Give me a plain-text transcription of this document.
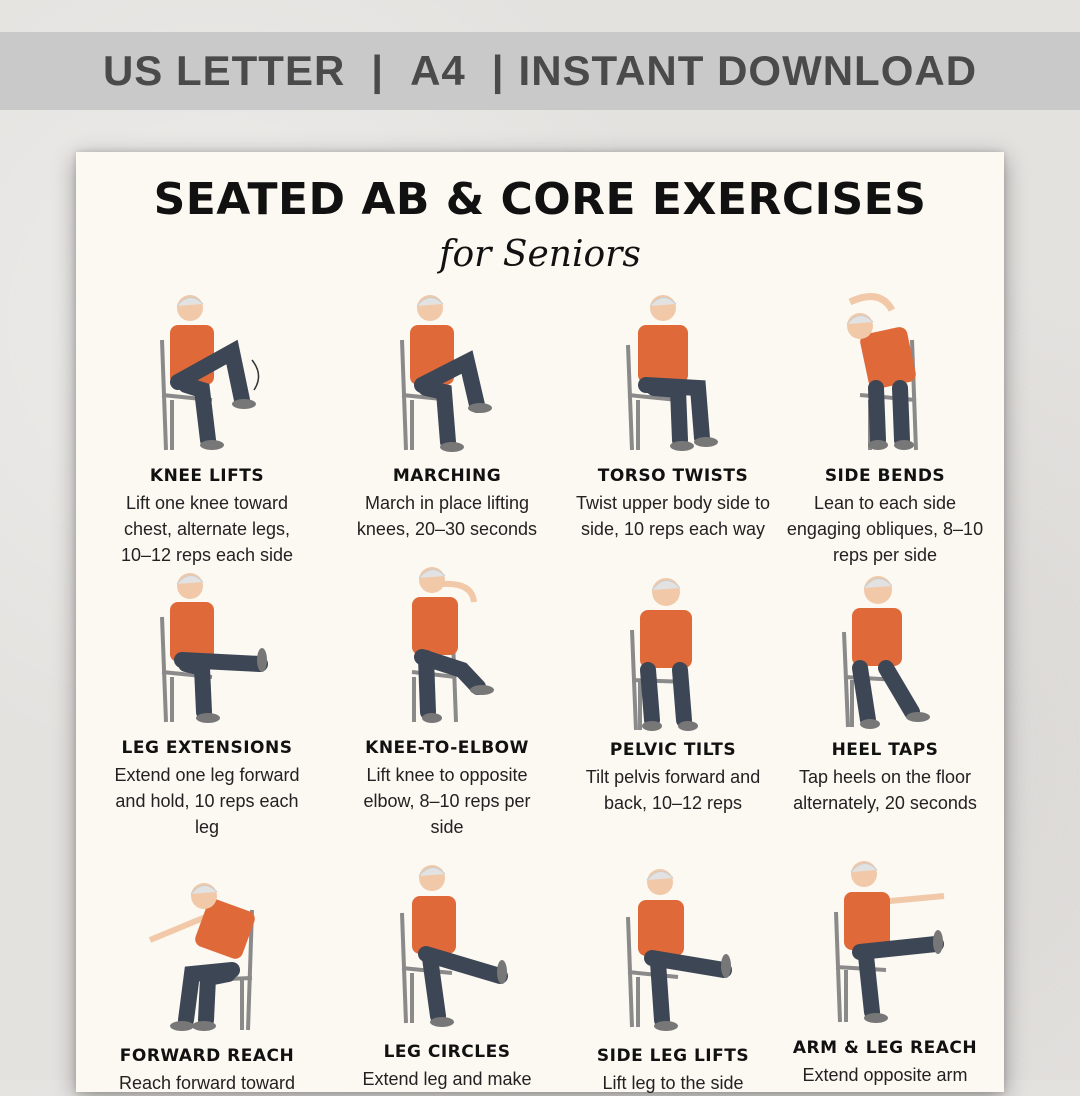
US LETTER | A4 | INSTANT DOWNLOAD
SEATED AB & CORE EXERCISES
for Seniors
KNEE LIFTS
Lift one knee toward chest, alternate legs, 10–12 reps each side
MARCHING
March in place lifting knees, 20–30 seconds
TORSO TWISTS
Twist upper body side to side, 10 reps each way
SIDE BENDS
Lean to each side engaging obliques, 8–10 reps per side
LEG EXTENSIONS
Extend one leg forward and hold, 10 reps each leg
KNEE-TO-ELBOW
Lift knee to opposite elbow, 8–10 reps per side
PELVIC TILTS
Tilt pelvis forward and back, 10–12 reps
HEEL TAPS
Tap heels on the floor alternately, 20 seconds
FORWARD REACH
Reach forward toward
LEG CIRCLES
Extend leg and make
SIDE LEG LIFTS
Lift leg to the side
ARM & LEG REACH
Extend opposite arm
